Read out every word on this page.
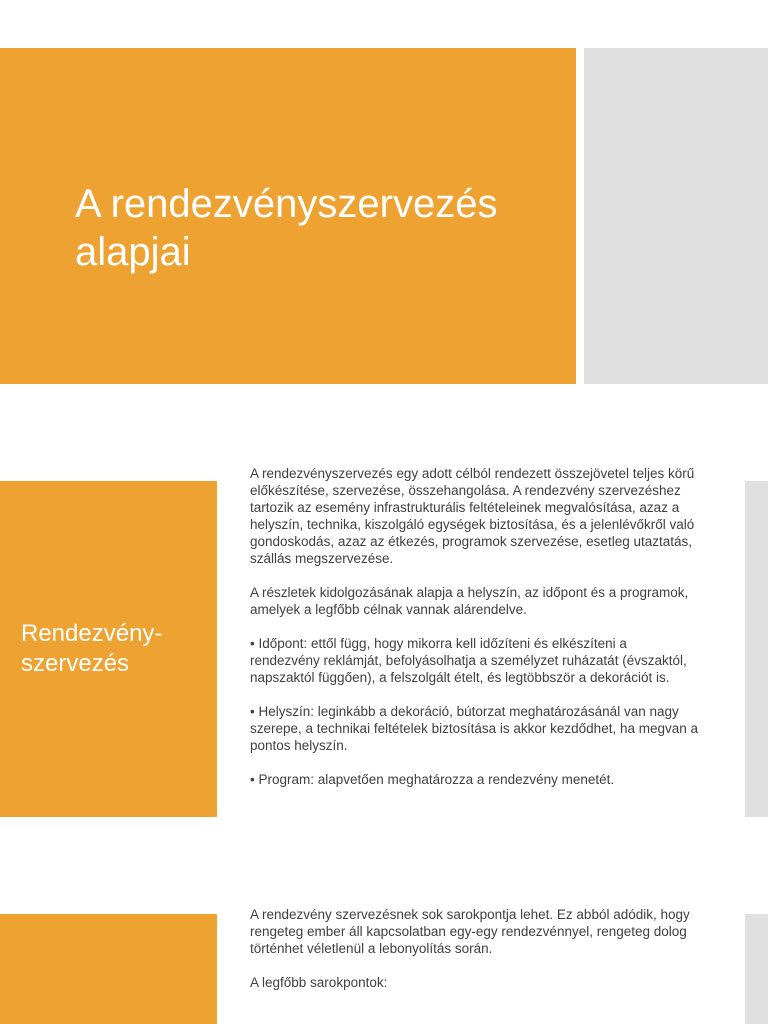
A rendezvényszervezés
alapjai
Rendezvény-
szervezés

A rendezvényszervezés egy adott célból rendezett összejövetel teljes körű előkészítése, szervezése, összehangolása. A rendezvény szervezéshez tartozik az esemény infrastrukturális feltételeinek megvalósítása, azaz a helyszín, technika, kiszolgáló egységek biztosítása, és a jelenlévőkről való gondoskodás, azaz az étkezés, programok szervezése, esetleg utaztatás, szállás megszervezése.

A részletek kidolgozásának alapja a helyszín, az időpont és a programok, amelyek a legfőbb célnak vannak alárendelve.

• Időpont: ettől függ, hogy mikorra kell időzíteni és elkészíteni a rendezvény reklámját, befolyásolhatja a személyzet ruházatát (évszaktól, napszaktól függően), a felszolgált ételt, és legtöbbször a dekorációt is.

• Helyszín: leginkább a dekoráció, bútorzat meghatározásánál van nagy szerepe, a technikai feltételek biztosítása is akkor kezdődhet, ha megvan a pontos helyszín.

• Program: alapvetően meghatározza a rendezvény menetét.

A rendezvény szervezésnek sok sarokpontja lehet. Ez abból adódik, hogy rengeteg ember áll kapcsolatban egy-egy rendezvénnyel, rengeteg dolog történhet véletlenül a lebonyolítás során.

A legfőbb sarokpontok:
